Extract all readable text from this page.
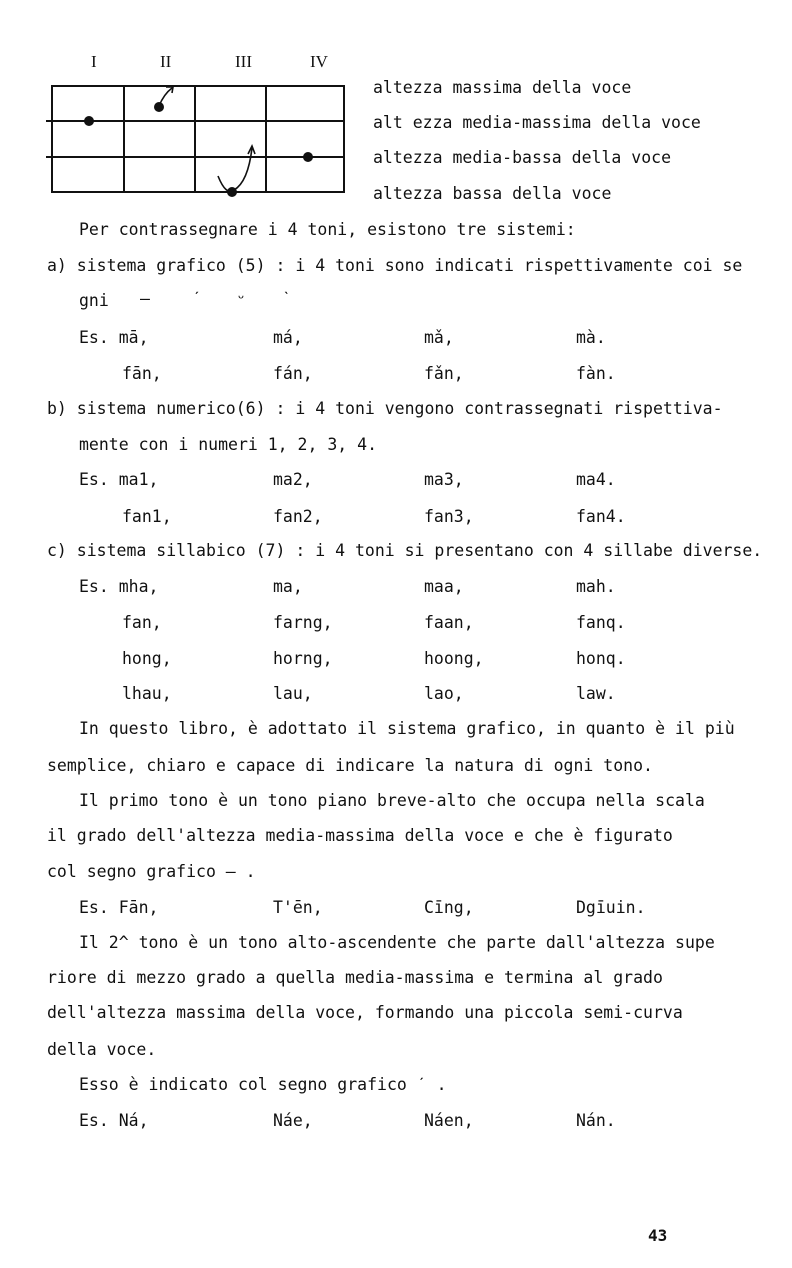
I	II	III	IV
altezza massima della voce
alt ezza media-massima della voce
altezza media-bassa della voce
altezza bassa della voce
Per contrassegnare i 4 toni, esistono tre sistemi:
a) sistema grafico (5) : i 4 toni sono indicati rispettivamente coi se
gni —	ˊ ᵕ ˋ
Es. mā,	má,	mǎ,	mà.
fān,	fán,	fǎn,	fàn.
b) sistema numerico(6) : i 4 toni vengono contrassegnati rispettiva-
mente con i numeri 1, 2, 3, 4.
Es. ma1,	ma2,	ma3,	ma4.
fan1,	fan2,	fan3,	fan4.
c) sistema sillabico (7) : i 4 toni si presentano con 4 sillabe diverse.
Es. mha,	ma,	maa,	mah.
fan,	farng,	faan,	fanq.
hong,	horng,	hoong,	honq.
lhau,	lau,	lao,	law.
In questo libro, è adottato il sistema grafico, in quanto è il più
semplice, chiaro e capace di indicare la natura di ogni tono.
Il primo tono è un tono piano breve-alto che occupa nella scala
il grado dell'altezza media-massima della voce e che è figurato
col segno grafico — .
Es. Fān,	T'ēn,	Cīng,	Dgīuin.
Il 2^ tono è un tono alto-ascendente che parte dall'altezza supe
riore di mezzo grado a quella media-massima e termina al grado
dell'altezza massima della voce, formando una piccola semi-curva
della voce.
Esso è indicato col segno grafico ˊ .
Es. Ná,	Náe,	Náen,	Nán.
43
